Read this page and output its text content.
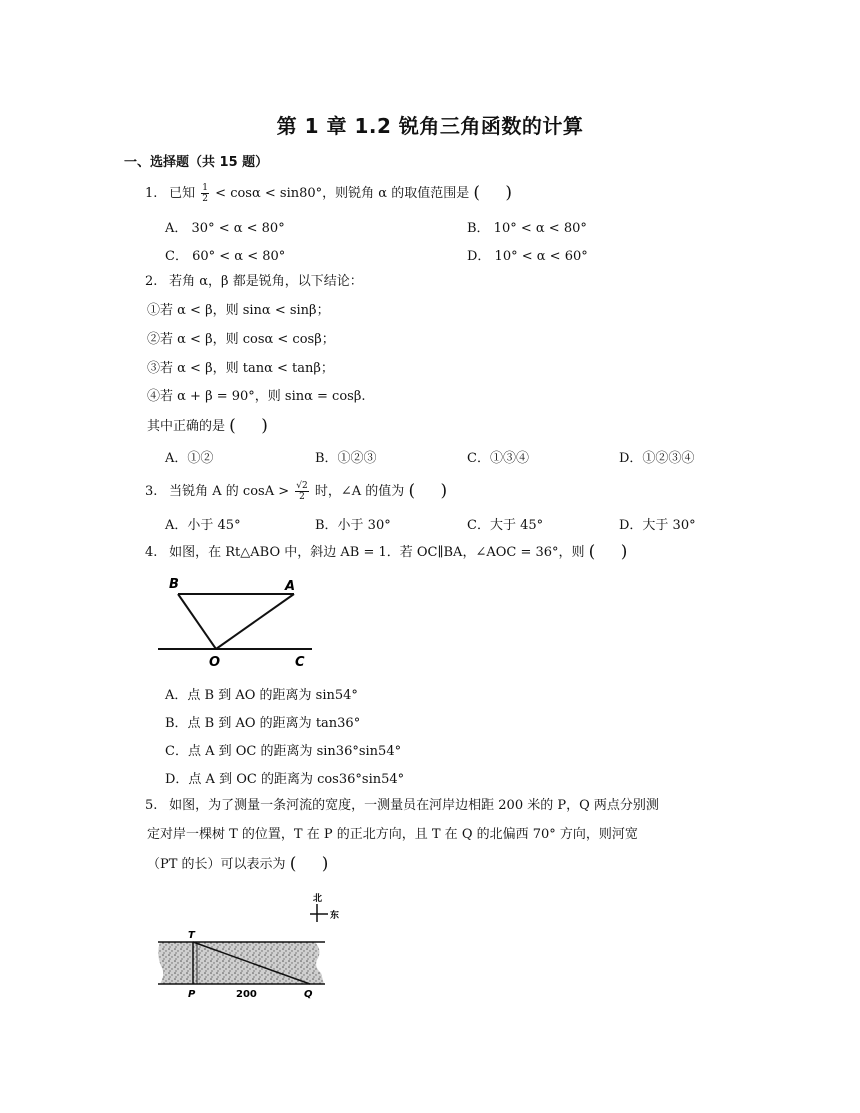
第 1 章 1.2 锐角三角函数的计算
一、选择题（共 15 题）
1. 已知 $\frac{1}{2} < \cos\alpha < \sin 80^\circ$，则锐角 α 的取值范围是 ( )
A． 30° < α < 80°	B． 10° < α < 80°
C． 60° < α < 80°	D． 10° < α < 60°
2. 若角 α，β 都是锐角，以下结论：
①若 α < β，则 sinα < sinβ；
②若 α < β，则 cosα < cosβ；
③若 α < β，则 tanα < tanβ；
④若 α + β = 90°，则 sinα = cosβ.
其中正确的是 ( )
A．①②	B．①②③	C．①③④	D．①②③④
3. 当锐角 A 的 $\cos A > \frac{√2}{2}$ 时，∠A 的值为 ( )
A．小于 45°	B．小于 30°	C．大于 45°	D．大于 30°
4. 如图，在 Rt△ABO 中，斜边 AB = 1．若 OC∥BA，∠AOC = 36°，则 ( )
B	A
O	C
A．点 B 到 AO 的距离为 sin54°
B．点 B 到 AO 的距离为 tan36°
C．点 A 到 OC 的距离为 sin36°sin54°
D．点 A 到 OC 的距离为 cos36°sin54°
5. 如图，为了测量一条河流的宽度，一测量员在河岸边相距 200 米的 P，Q 两点分别测
定对岸一棵树 T 的位置，T 在 P 的正北方向，且 T 在 Q 的北偏西 70° 方向，则河宽
（PT 的长）可以表示为 ( )
北
东
T
P	200	Q
